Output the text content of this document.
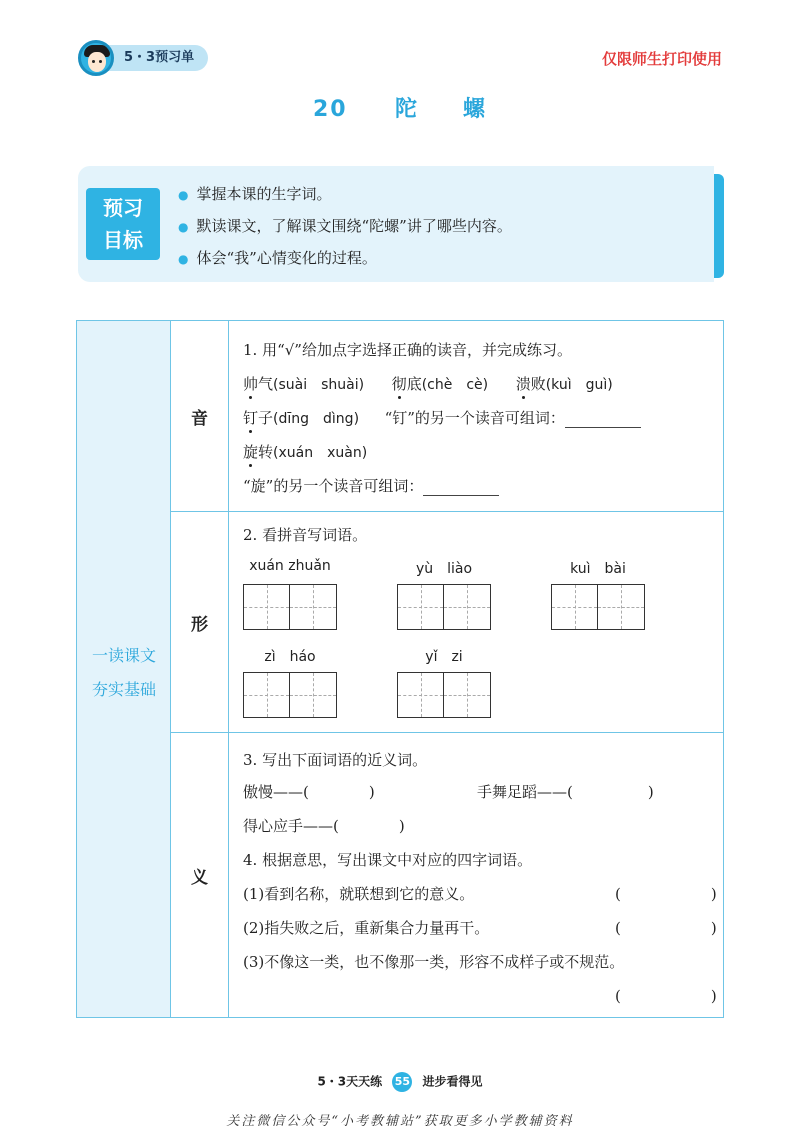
5・3预习单	仅限师生打印使用
20 陀 螺
预习
目标
● 掌握本课的生字词。
● 默读课文，了解课文围绕“陀螺”讲了哪些内容。
● 体会“我”心情变化的过程。
一读课文
夯实基础
音
1. 用“√”给加点字选择正确的读音，并完成练习。
帅气(suài　shuài) 彻底(chè　cè) 溃败(kuì　guì)
钉子(dīng　dìng) “钉”的另一个读音可组词：
旋转(xuán　xuàn)
“旋”的另一个读音可组词：
形
2. 看拼音写词语。
xuán zhuǎn	yù　liào	kuì　bài
zì　háo	yǐ　zi
义
3. 写出下面词语的近义词。
傲慢——(　　　　)	手舞足蹈——(　　　　　)
得心应手——(　　　　)
4. 根据意思，写出课文中对应的四字词语。
(1)看到名称，就联想到它的意义。	(　　　　　　)
(2)指失败之后，重新集合力量再干。	(　　　　　　)
(3)不像这一类，也不像那一类，形容不成样子或不规范。
(　　　　　　)
5・3天天练 55 进步看得见
关注微信公众号“小考教辅站”获取更多小学教辅资料
